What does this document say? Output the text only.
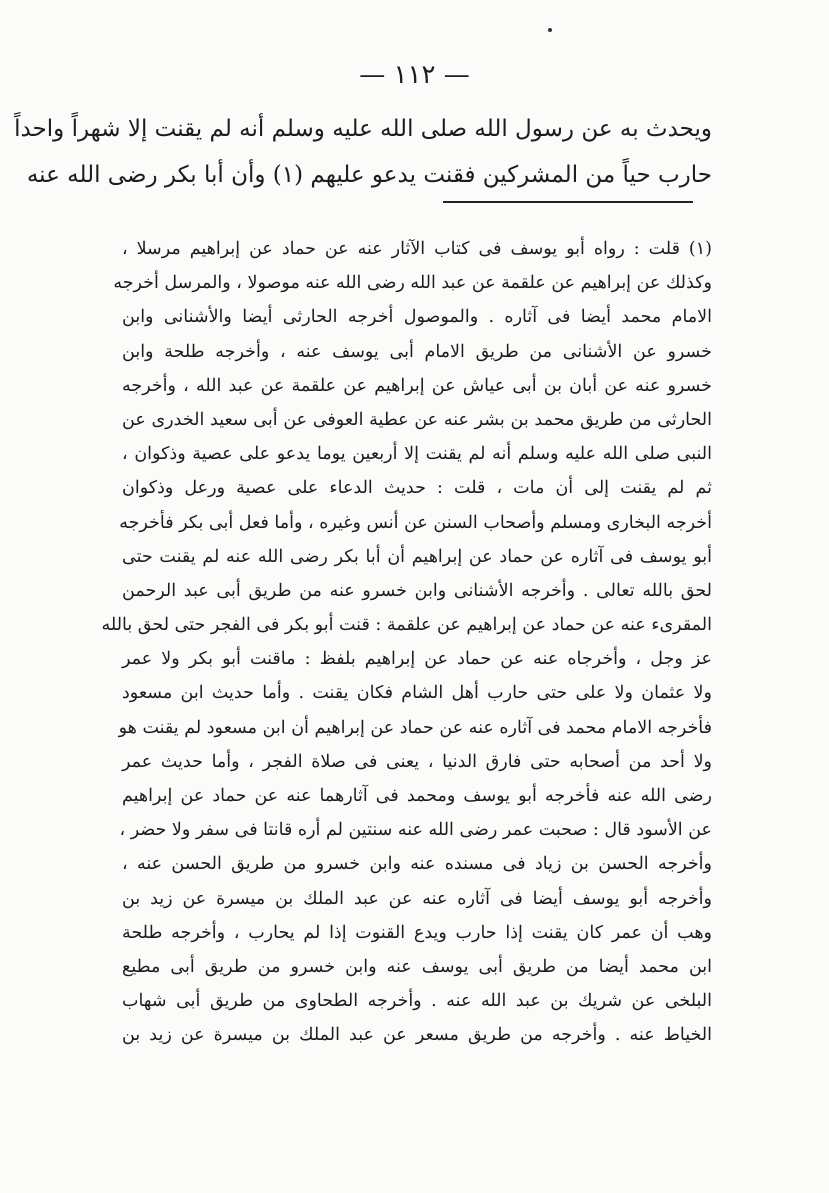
— ١١٢ —
ويحدث به عن رسول الله صلى الله عليه وسلم أنه لم يقنت إلا شهراً واحداً
حارب حياً من المشركين فقنت يدعو عليهم (١) وأن أبا بكر رضى الله عنه
(١) قلت : رواه أبو يوسف فى كتاب الآثار عنه عن حماد عن إبراهيم مرسلا ،
وكذلك عن إبراهيم عن علقمة عن عبد الله رضى الله عنه موصولا ، والمرسل أخرجه
الامام محمد أيضا فى آثاره . والموصول أخرجه الحارثى أيضا والأشنانى وابن
خسرو عن الأشنانى من طريق الامام أبى يوسف عنه ، وأخرجه طلحة وابن
خسرو عنه عن أبان بن أبى عياش عن إبراهيم عن علقمة عن عبد الله ، وأخرجه
الحارثى من طريق محمد بن بشر عنه عن عطية العوفى عن أبى سعيد الخدرى عن
النبى صلى الله عليه وسلم أنه لم يقنت إلا أربعين يوما يدعو على عصية وذكوان ،
ثم لم يقنت إلى أن مات ، قلت : حديث الدعاء على عصية ورعل وذكوان
أخرجه البخارى ومسلم وأصحاب السنن عن أنس وغيره ، وأما فعل أبى بكر فأخرجه
أبو يوسف فى آثاره عن حماد عن إبراهيم أن أبا بكر رضى الله عنه لم يقنت حتى
لحق بالله تعالى . وأخرجه الأشنانى وابن خسرو عنه من طريق أبى عبد الرحمن
المقرىء عنه عن حماد عن إبراهيم عن علقمة : قنت أبو بكر فى الفجر حتى لحق بالله
عز وجل ، وأخرجاه عنه عن حماد عن إبراهيم بلفظ : ماقنت أبو بكر ولا عمر
ولا عثمان ولا على حتى حارب أهل الشام فكان يقنت . وأما حديث ابن مسعود
فأخرجه الامام محمد فى آثاره عنه عن حماد عن إبراهيم أن ابن مسعود لم يقنت هو
ولا أحد من أصحابه حتى فارق الدنيا ، يعنى فى صلاة الفجر ، وأما حديث عمر
رضى الله عنه فأخرجه أبو يوسف ومحمد فى آثارهما عنه عن حماد عن إبراهيم
عن الأسود قال : صحبت عمر رضى الله عنه سنتين لم أره قانتا فى سفر ولا حضر ،
وأخرجه الحسن بن زياد فى مسنده عنه وابن خسرو من طريق الحسن عنه ،
وأخرجه أبو يوسف أيضا فى آثاره عنه عن عبد الملك بن ميسرة عن زيد بن
وهب أن عمر كان يقنت إذا حارب ويدع القنوت إذا لم يحارب ، وأخرجه طلحة
ابن محمد أيضا من طريق أبى يوسف عنه وابن خسرو من طريق أبى مطيع
البلخى عن شريك بن عبد الله عنه . وأخرجه الطحاوى من طريق أبى شهاب
الخياط عنه . وأخرجه من طريق مسعر عن عبد الملك بن ميسرة عن زيد بن
